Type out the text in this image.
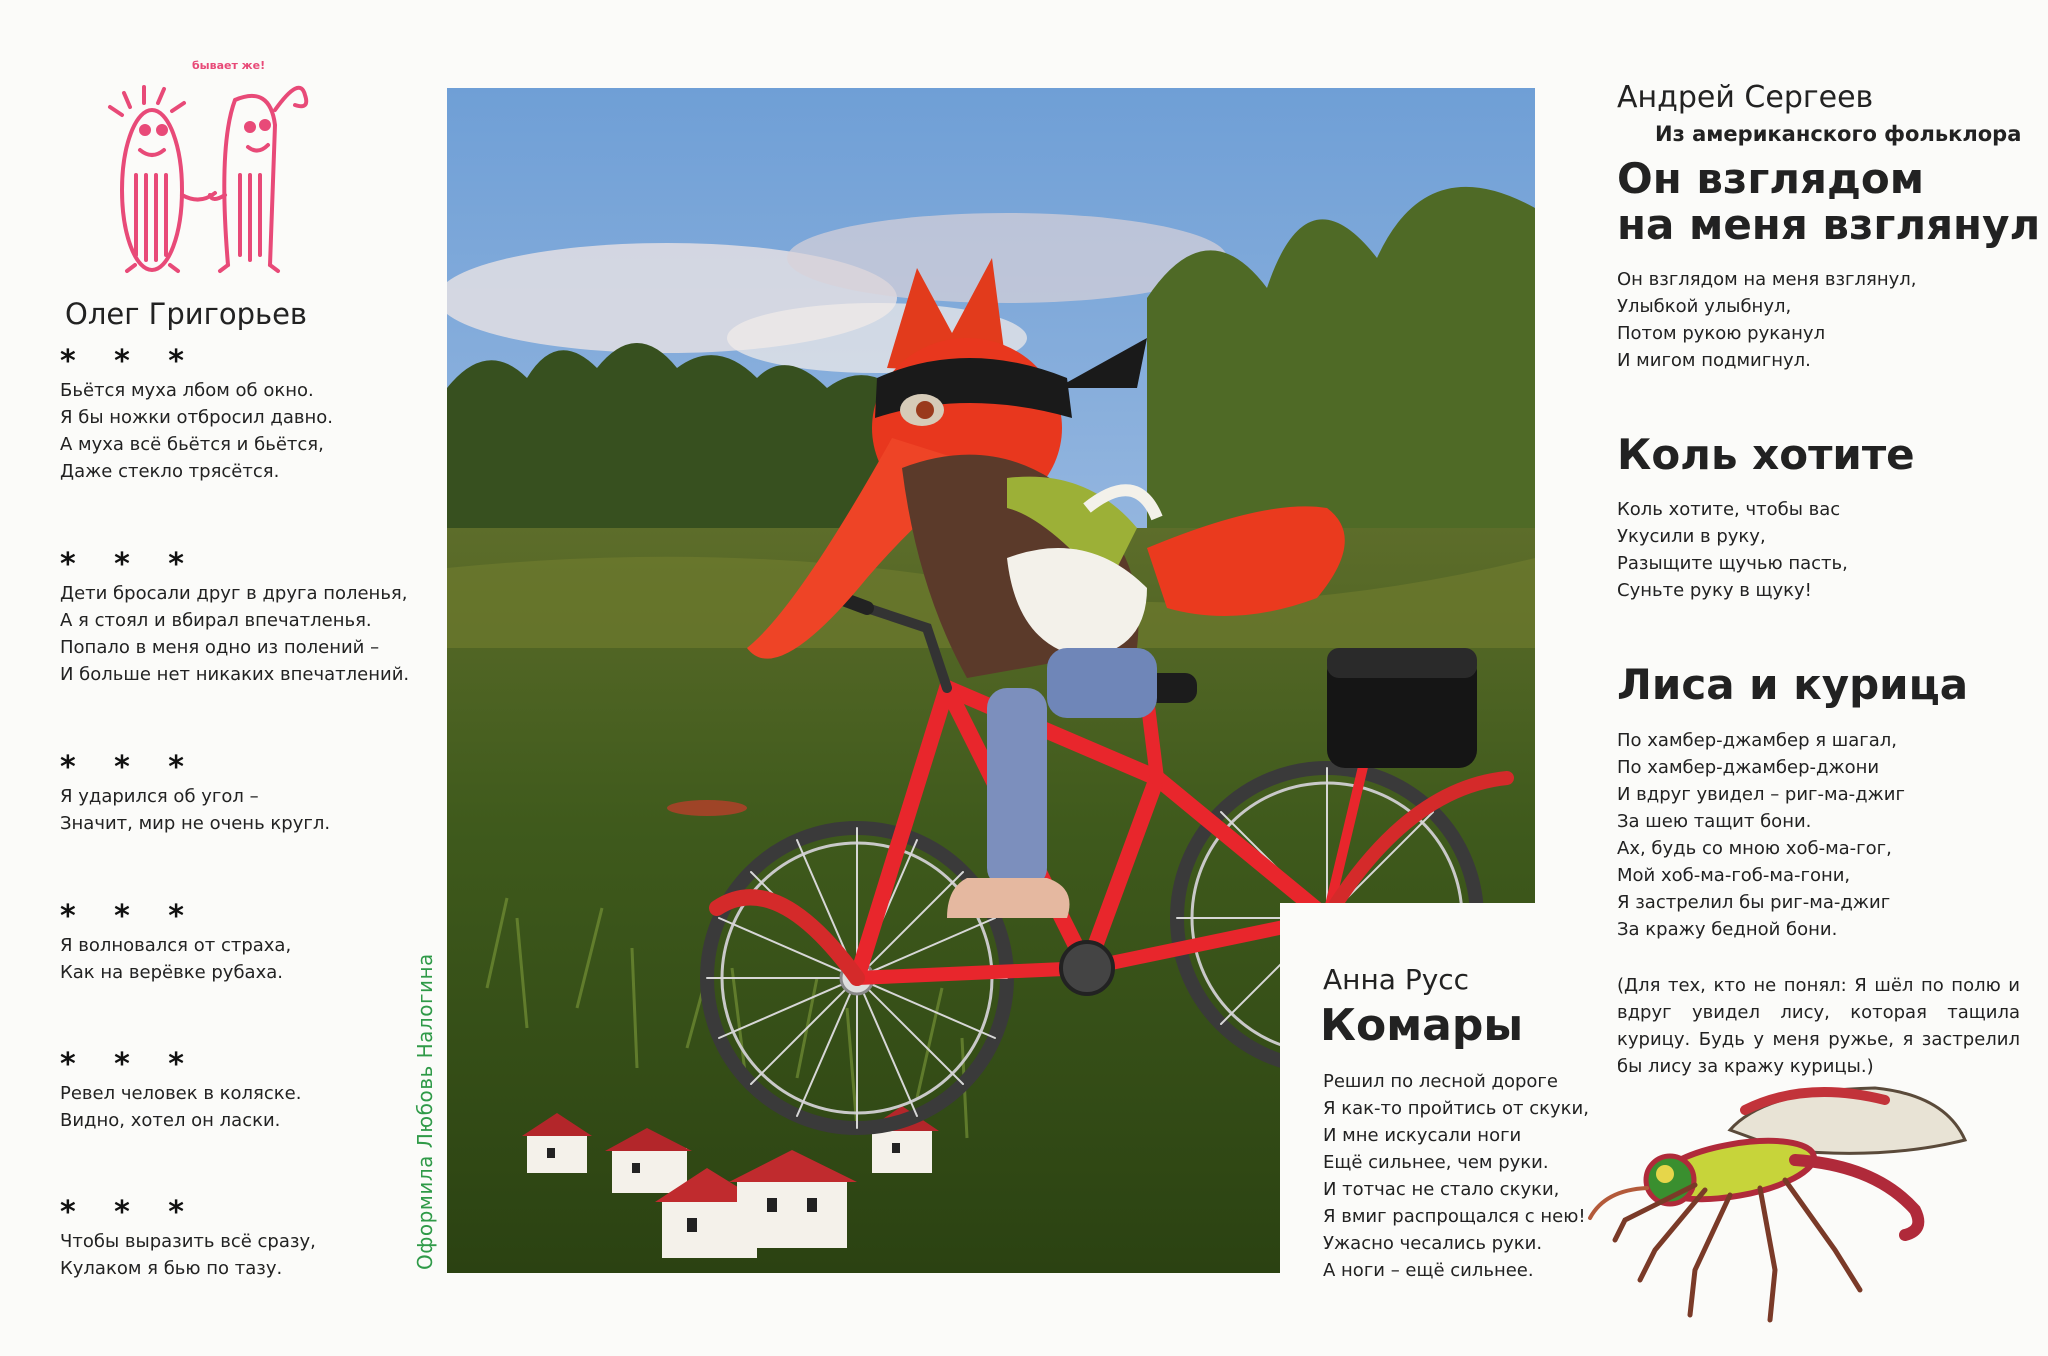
бывает же!
Олег Григорьев
* * *
Бьётся муха лбом об окно.
Я бы ножки отбросил давно.
А муха всё бьётся и бьётся,
Даже стекло трясётся.
* * *
Дети бросали друг в друга поленья,
А я стоял и вбирал впечатленья.
Попало в меня одно из полений –
И больше нет никаких впечатлений.
* * *
Я ударился об угол –
Значит, мир не очень кругл.
* * *
Я волновался от страха,
Как на верёвке рубаха.
* * *
Ревел человек в коляске.
Видно, хотел он ласки.
* * *
Чтобы выразить всё сразу,
Кулаком я бью по тазу.	Оформила Любовь Налогина	Анна Русс
Комары
Решил по лесной дороге
Я как-то пройтись от скуки,
И мне искусали ноги
Ещё сильнее, чем руки.
И тотчас не стало скуки,
Я вмиг распрощался с нею!
Ужасно чесались руки.
А ноги – ещё сильнее.
Андрей Сергеев
Из американского фольклора
Он взглядом
на меня взглянул
Он взглядом на меня взглянул,
Улыбкой улыбнул,
Потом рукою руканул
И мигом подмигнул.
Коль хотите
Коль хотите, чтобы вас
Укусили в руку,
Разыщите щучью пасть,
Суньте руку в щуку!
Лиса и курица
По хамбер-джамбер я шагал,
По хамбер-джамбер-джони
И вдруг увидел – риг-ма-джиг
За шею тащит бони.
Ах, будь со мною хоб-ма-гог,
Мой хоб-ма-гоб-ма-гони,
Я застрелил бы риг-ма-джиг
За кражу бедной бони.
(Для тех, кто не понял: Я шёл по полю и вдруг увидел лису, которая тащила курицу. Будь у меня ружье, я застрелил бы лису за кражу курицы.)
